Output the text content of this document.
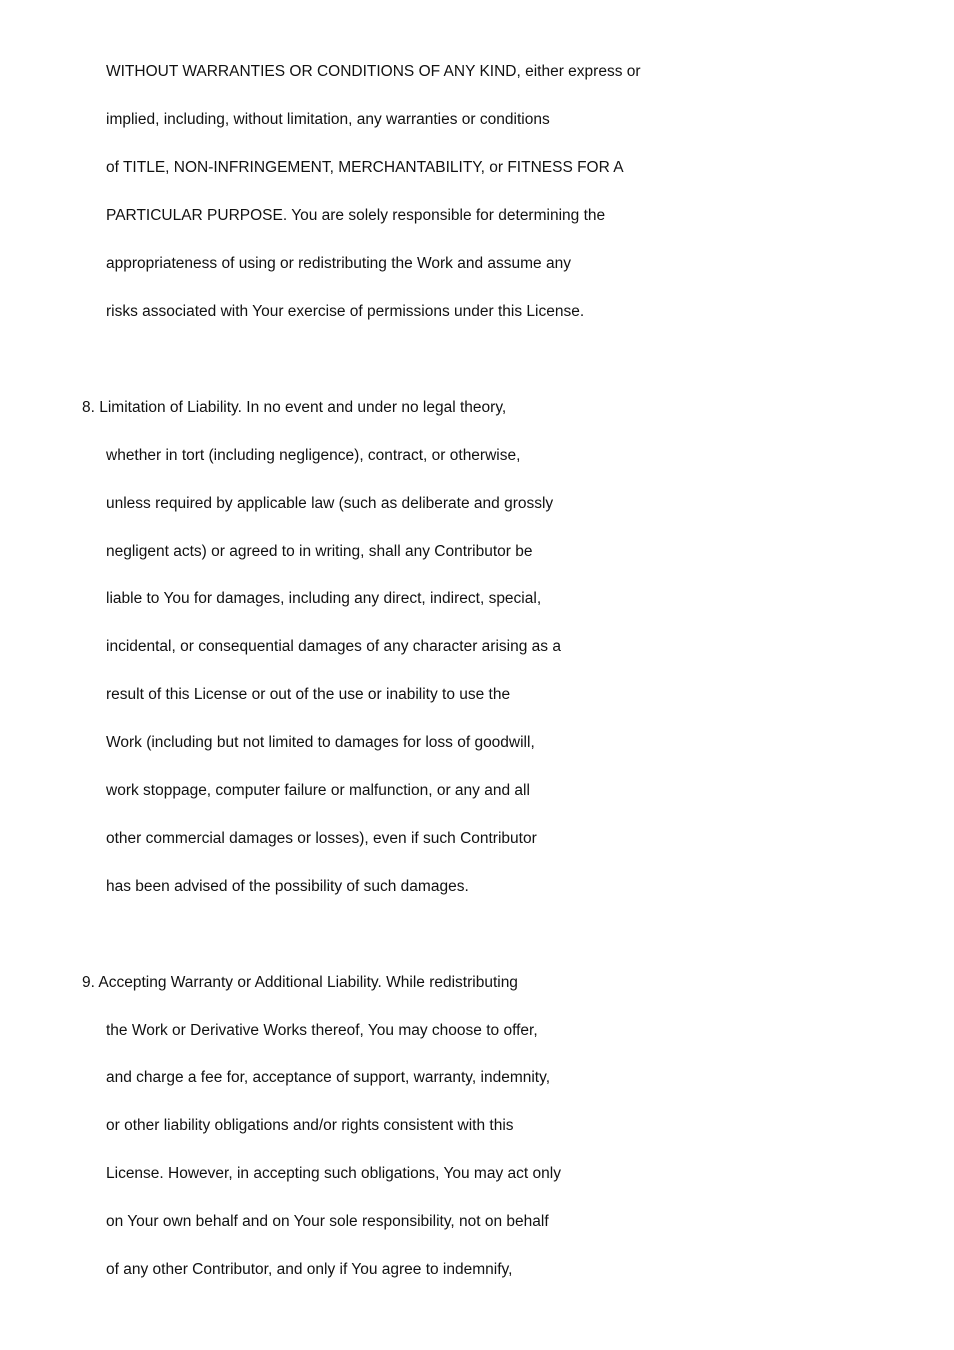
WITHOUT WARRANTIES OR CONDITIONS OF ANY KIND, either express or
implied, including, without limitation, any warranties or conditions
of TITLE, NON-INFRINGEMENT, MERCHANTABILITY, or FITNESS FOR A
PARTICULAR PURPOSE. You are solely responsible for determining the
appropriateness of using or redistributing the Work and assume any
risks associated with Your exercise of permissions under this License.
8. Limitation of Liability. In no event and under no legal theory,
whether in tort (including negligence), contract, or otherwise,
unless required by applicable law (such as deliberate and grossly
negligent acts) or agreed to in writing, shall any Contributor be
liable to You for damages, including any direct, indirect, special,
incidental, or consequential damages of any character arising as a
result of this License or out of the use or inability to use the
Work (including but not limited to damages for loss of goodwill,
work stoppage, computer failure or malfunction, or any and all
other commercial damages or losses), even if such Contributor
has been advised of the possibility of such damages.
9. Accepting Warranty or Additional Liability. While redistributing
the Work or Derivative Works thereof, You may choose to offer,
and charge a fee for, acceptance of support, warranty, indemnity,
or other liability obligations and/or rights consistent with this
License. However, in accepting such obligations, You may act only
on Your own behalf and on Your sole responsibility, not on behalf
of any other Contributor, and only if You agree to indemnify,
